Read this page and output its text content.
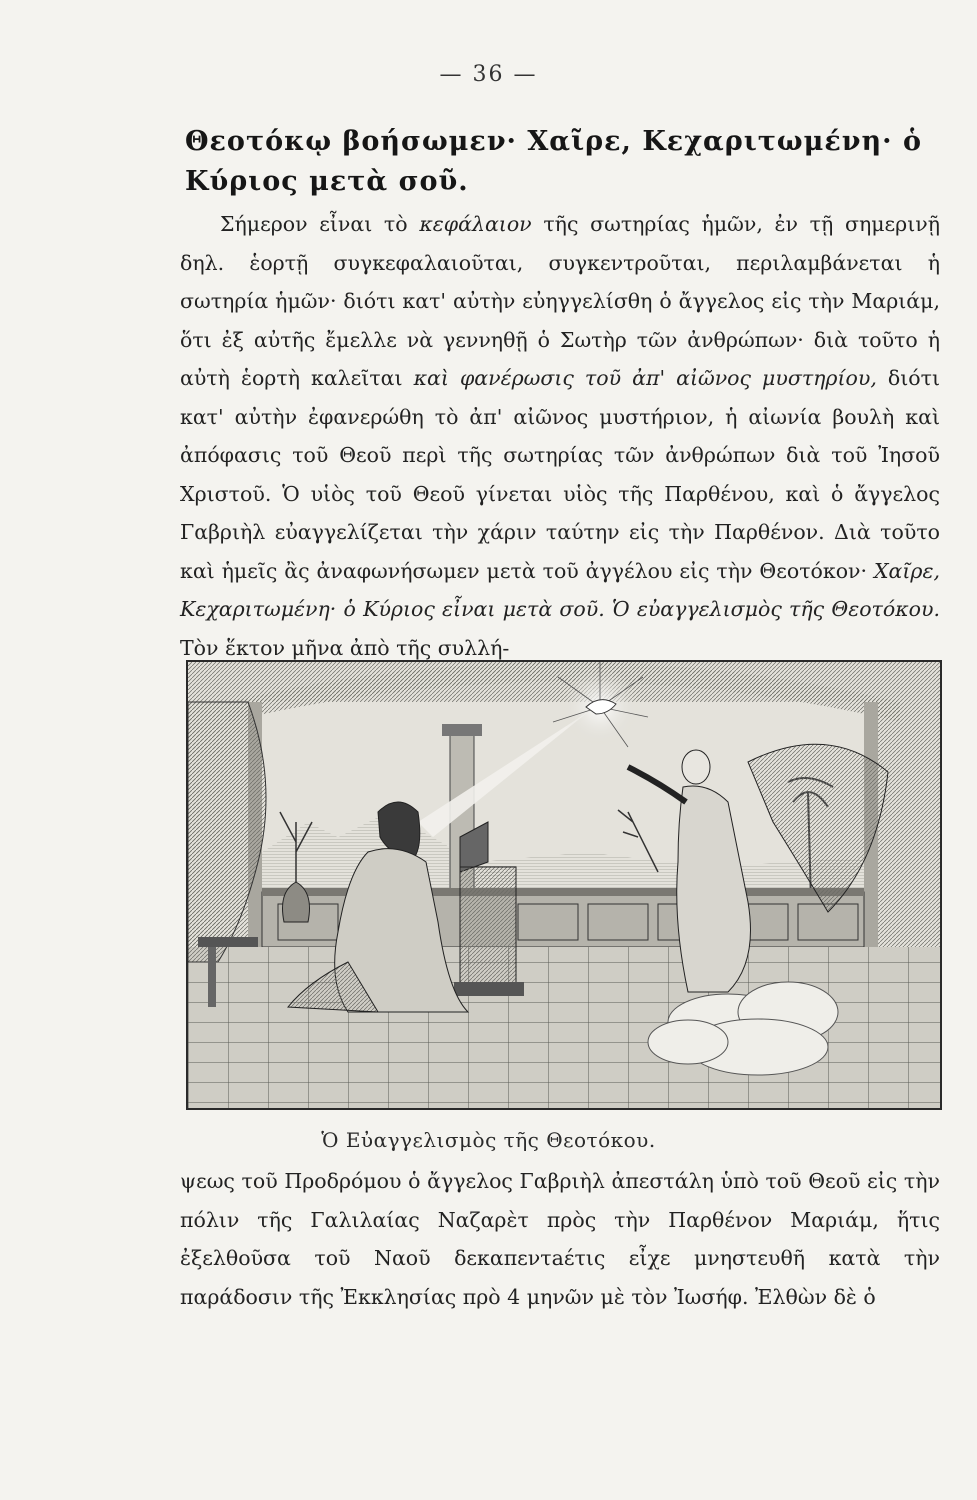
— 36 —
Θεοτόκῳ βοήσωμεν· Χαῖρε, Κεχαριτωμένη· ὁ Κύριος μετὰ σοῦ.

Σήμερον εἶναι τὸ κεφάλαιον τῆς σωτηρίας ἡμῶν, ἐν τῇ σημερινῇ δηλ. ἑορτῇ συγκεφαλαιοῦται, συγκεντροῦται, περιλαμβάνεται ἡ σωτηρία ἡμῶν· διότι κατ' αὐτὴν εὐηγγελίσθη ὁ ἄγγελος εἰς τὴν Μαριάμ, ὅτι ἐξ αὐτῆς ἔμελλε νὰ γεννηθῇ ὁ Σωτὴρ τῶν ἀνθρώπων· διὰ τοῦτο ἡ αὐτὴ ἑορτὴ καλεῖται καὶ φανέρωσις τοῦ ἀπ' αἰῶνος μυστηρίου, διότι κατ' αὐτὴν ἐφανερώθη τὸ ἀπ' αἰῶνος μυστήριον, ἡ αἰωνία βουλὴ καὶ ἀπόφασις τοῦ Θεοῦ περὶ τῆς σωτηρίας τῶν ἀνθρώπων διὰ τοῦ Ἰησοῦ Χριστοῦ. Ὁ υἱὸς τοῦ Θεοῦ γίνεται υἱὸς τῆς Παρθένου, καὶ ὁ ἄγγελος Γαβριὴλ εὐαγγελίζεται τὴν χάριν ταύτην εἰς τὴν Παρθένον. Διὰ τοῦτο καὶ ἡμεῖς ἂς ἀναφωνήσωμεν μετὰ τοῦ ἀγγέλου εἰς τὴν Θεοτόκον· Χαῖρε, Κεχαριτωμένη· ὁ Κύριος εἶναι μετὰ σοῦ. Ὁ εὐαγγελισμὸς τῆς Θεοτόκου. Τὸν ἕκτον μῆνα ἀπὸ τῆς συλλή-

Ὁ Εὐαγγελισμὸς τῆς Θεοτόκου.

ψεως τοῦ Προδρόμου ὁ ἄγγελος Γαβριὴλ ἀπεστάλη ὑπὸ τοῦ Θεοῦ εἰς τὴν πόλιν τῆς Γαλιλαίας Ναζαρὲτ πρὸς τὴν Παρθένον Μαριάμ, ἥτις ἐξελθοῦσα τοῦ Ναοῦ δεκαπεντaέτις εἶχε μνηστευθῆ κατὰ τὴν παράδοσιν τῆς Ἐκκλησίας πρὸ 4 μηνῶν μὲ τὸν Ἰωσήφ. Ἐλθὼν δὲ ὁ
